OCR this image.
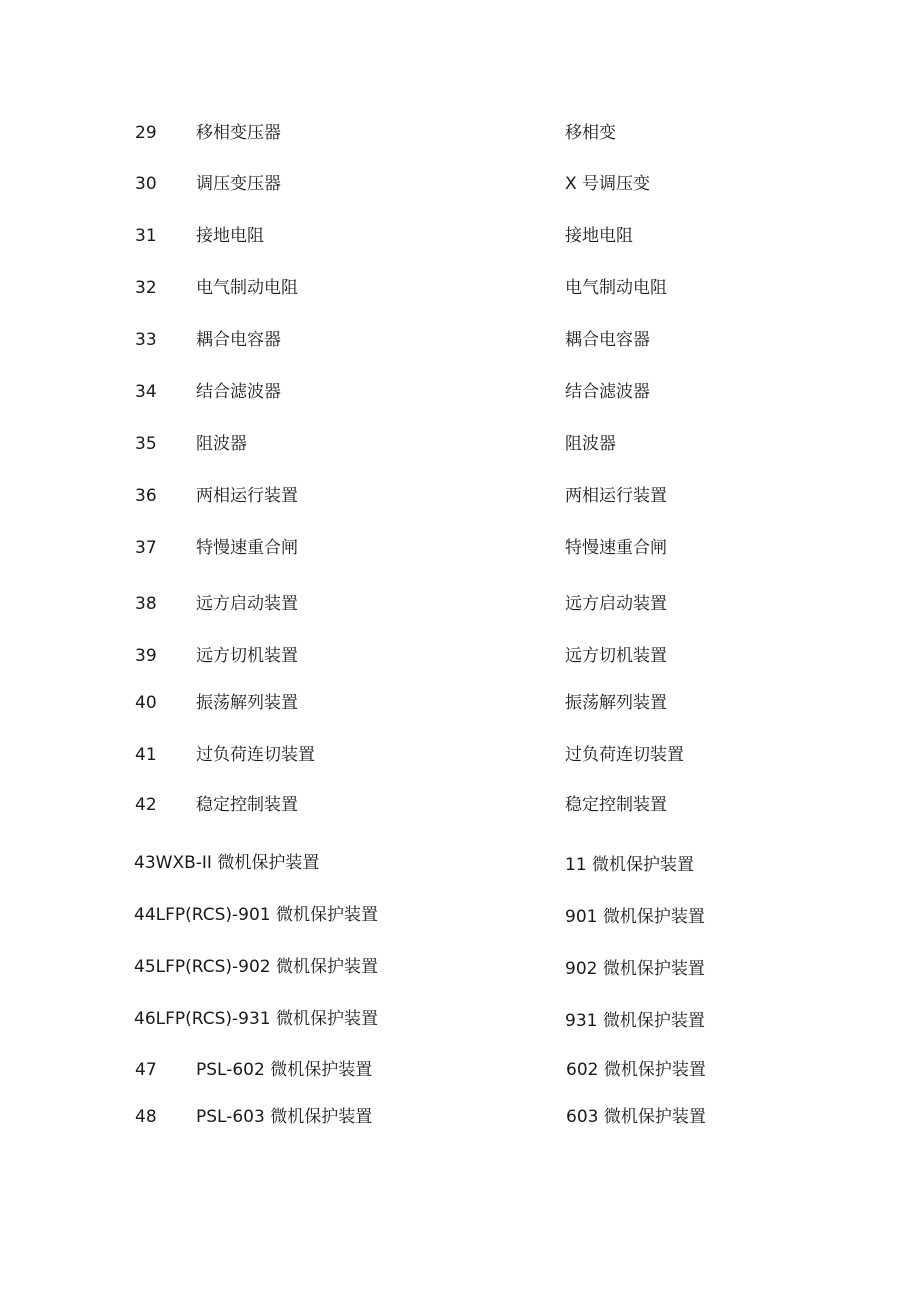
29 移相变压器	移相变
30 调压变压器	X 号调压变
31 接地电阻	接地电阻
32 电气制动电阻	电气制动电阻
33 耦合电容器	耦合电容器
34 结合滤波器	结合滤波器
35 阻波器	阻波器
36 两相运行装置	两相运行装置
37 特慢速重合闸	特慢速重合闸
38 远方启动装置	远方启动装置
39 远方切机装置	远方切机装置
40 振荡解列装置	振荡解列装置
41 过负荷连切装置	过负荷连切装置
42 稳定控制装置	稳定控制装置
43WXB-II 微机保护装置	11 微机保护装置
44LFP(RCS)-901 微机保护装置	901 微机保护装置
45LFP(RCS)-902 微机保护装置	902 微机保护装置
46LFP(RCS)-931 微机保护装置	931 微机保护装置
47 PSL-602 微机保护装置	602 微机保护装置
48 PSL-603 微机保护装置	603 微机保护装置
